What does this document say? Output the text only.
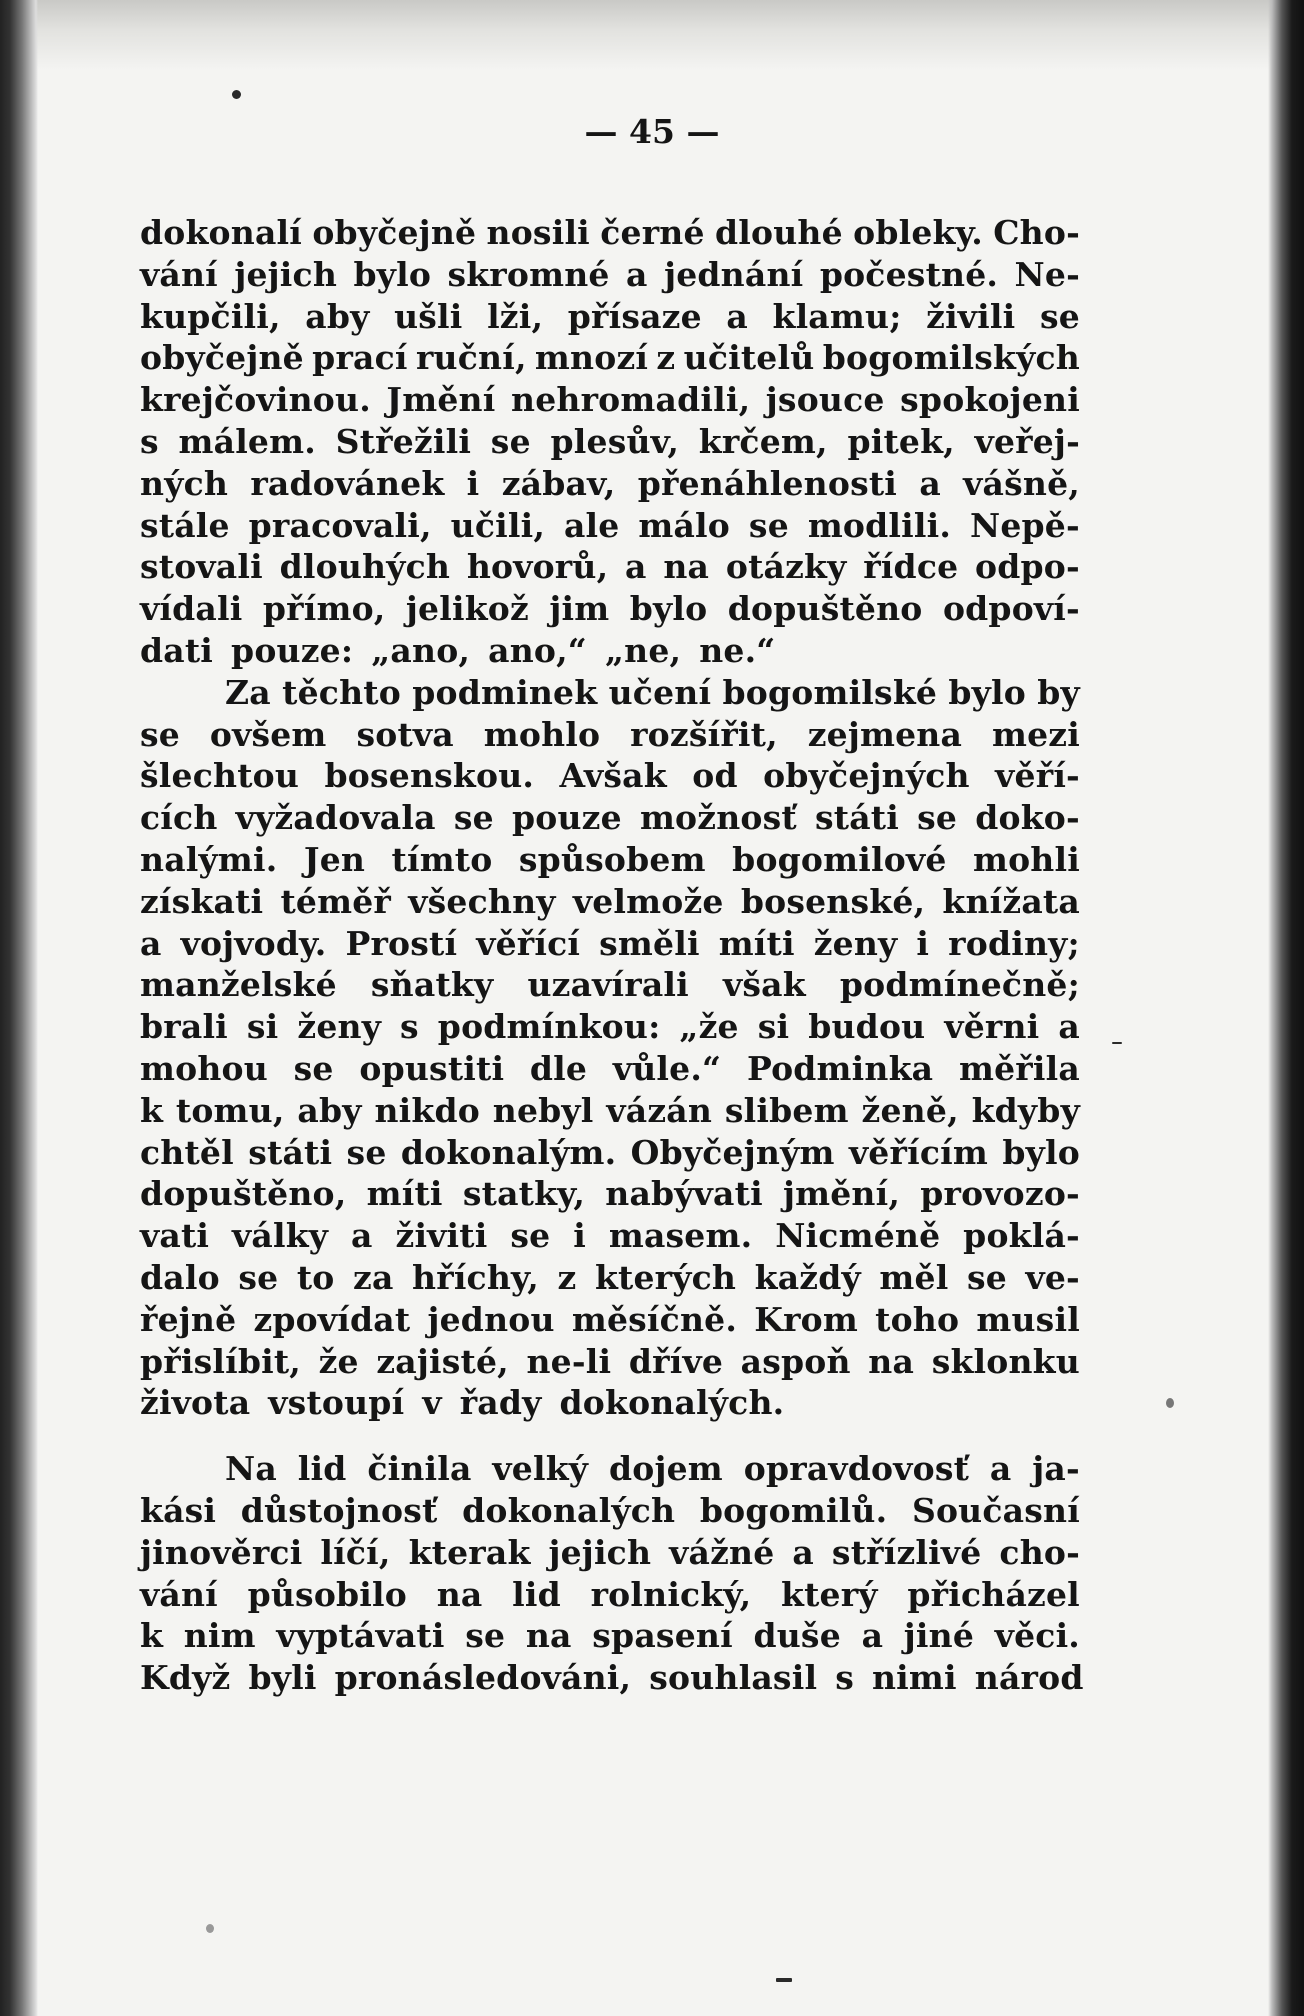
— 45 —
dokonalí obyčejně nosili černé dlouhé obleky. Cho-
vání jejich bylo skromné a jednání počestné. Ne-
kupčili, aby ušli lži, přísaze a klamu; živili se
obyčejně prací ruční, mnozí z učitelů bogomilských
krejčovinou. Jmění nehromadili, jsouce spokojeni
s málem. Střežili se plesův, krčem, pitek, veřej-
ných radovánek i zábav, přenáhlenosti a vášně,
stále pracovali, učili, ale málo se modlili. Nepě-
stovali dlouhých hovorů, a na otázky řídce odpo-
vídali přímo, jelikož jim bylo dopuštěno odpoví-
dati pouze: „ano, ano,“ „ne, ne.“
Za těchto podminek učení bogomilské bylo by
se ovšem sotva mohlo rozšířit, zejmena mezi
šlechtou bosenskou. Avšak od obyčejných věří-
cích vyžadovala se pouze možnosť státi se doko-
nalými. Jen tímto spůsobem bogomilové mohli
získati téměř všechny velmože bosenské, knížata
a vojvody. Prostí věřící směli míti ženy i rodiny;
manželské sňatky uzavírali však podmínečně;
brali si ženy s podmínkou: „že si budou věrni a
mohou se opustiti dle vůle.“ Podminka měřila
k tomu, aby nikdo nebyl vázán slibem ženě, kdyby
chtěl státi se dokonalým. Obyčejným věřícím bylo
dopuštěno, míti statky, nabývati jmění, provozo-
vati války a živiti se i masem. Nicméně poklá-
dalo se to za hříchy, z kterých každý měl se ve-
řejně zpovídat jednou měsíčně. Krom toho musil
přislíbit, že zajisté, ne-li dříve aspoň na sklonku
života vstoupí v řady dokonalých.
Na lid činila velký dojem opravdovosť a ja-
kási důstojnosť dokonalých bogomilů. Současní
jinověrci líčí, kterak jejich vážné a střízlivé cho-
vání působilo na lid rolnický, který přicházel
k nim vyptávati se na spasení duše a jiné věci.
Když byli pronásledováni, souhlasil s nimi národ
